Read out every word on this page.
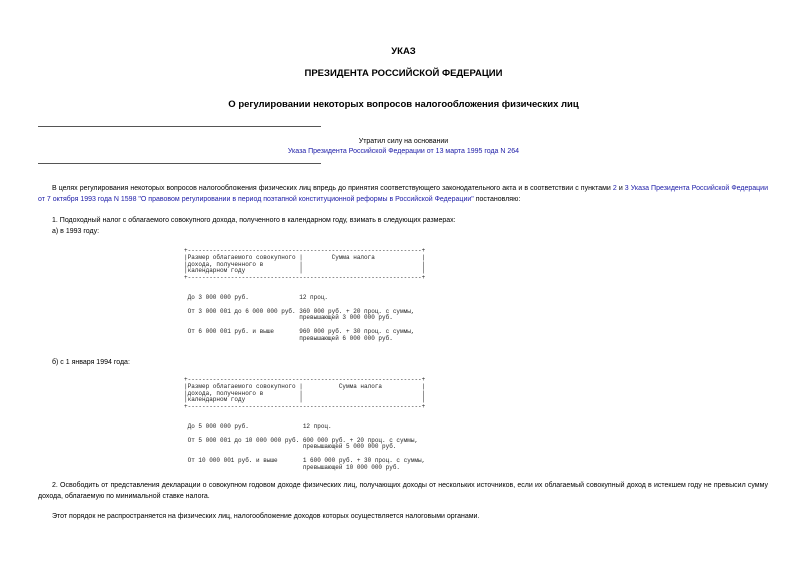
УКАЗ
ПРЕЗИДЕНТА РОССИЙСКОЙ ФЕДЕРАЦИИ
О регулировании некоторых вопросов налогообложения физических лиц
Утратил силу на основании
Указа Президента Российской Федерации от 13 марта 1995 года N 264
В целях регулирования некоторых вопросов налогообложения физических лиц впредь до принятия соответствующего законодательного акта и в соответствии с пунктами 2 и 3 Указа Президента Российской Федерации от 7 октября 1993 года N 1598 "О правовом регулировании в период поэтапной конституционной реформы в Российской Федерации" постановляю:
1. Подоходный налог с облагаемого совокупного дохода, полученного в календарном году, взимать в следующих размерах:
а) в 1993 году:
+-----------------------------------------------------------------+
|Размер облагаемого совокупного |        Сумма налога             |
|дохода, полученного в          |                                 |
|календарном году               |                                 |
+-----------------------------------------------------------------+
До 3 000 000 руб.              12 проц.

От 3 000 001 до 6 000 000 руб. 360 000 руб. + 20 проц. с суммы,
превышающей 3 000 000 руб.

От 6 000 001 руб. и выше       960 000 руб. + 30 проц. с суммы,
превышающей 6 000 000 руб.
б) с 1 января 1994 года:
+-----------------------------------------------------------------+
|Размер облагаемого совокупного |          Сумма налога           |
|дохода, полученного в          |                                 |
|календарном году               |                                 |
+-----------------------------------------------------------------+
До 5 000 000 руб.               12 проц.

От 5 000 001 до 10 000 000 руб. 600 000 руб. + 20 проц. с суммы,
превышающей 5 000 000 руб.

От 10 000 001 руб. и выше       1 600 000 руб. + 30 проц. с суммы,
превышающей 10 000 000 руб.
2. Освободить от представления декларации о совокупном годовом доходе физических лиц, получающих доходы от нескольких источников, если их облагаемый совокупный доход в истекшем году не превысил сумму дохода, облагаемую по минимальной ставке налога.
Этот порядок не распространяется на физических лиц, налогообложение доходов которых осуществляется налоговыми органами.
